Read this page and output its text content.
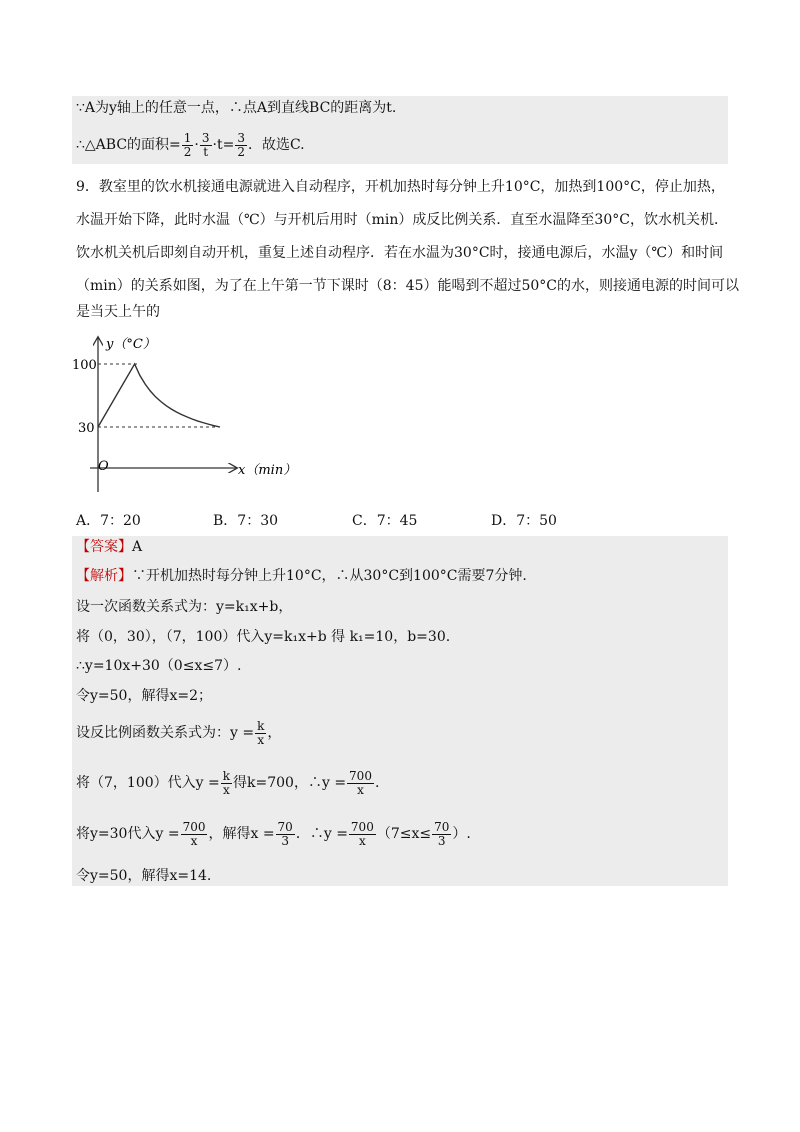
∵A为y轴上的任意一点，∴点A到直线BC的距离为t.
∴△ABC的面积= $\frac{1}{2} \cdot \frac{3}{t} \cdot t= \frac{3}{2}$ ．故选C.
9．教室里的饮水机接通电源就进入自动程序，开机加热时每分钟上升10°C，加热到100°C，停止加热，
水温开始下降，此时水温（℃）与开机后用时（min）成反比例关系．直至水温降至30°C，饮水机关机．
饮水机关机后即刻自动开机，重复上述自动程序．若在水温为30°C时，接通电源后，水温y（℃）和时间
（min）的关系如图，为了在上午第一节下课时（8：45）能喝到不超过50°C的水，则接通电源的时间可以
是当天上午的
y（°C）
x（min）
O
100
30
A．7：20	B．7：30	C．7：45	D．7：50
【答案】A
【解析】∵开机加热时每分钟上升10°C，∴从30°C到100°C需要7分钟.
设一次函数关系式为：y=k₁x+b，
将（0，30），（7，100）代入y=k₁x+b 得 k₁=10，b=30.
∴y=10x+30（0≤x≤7）.
令y=50，解得x=2；
设反比例函数关系式为：$y = \frac{k}{x}$ ，
将（7，100）代入$y = \frac{k}{x}$ 得k=700，∴y = $\frac{700}{x}$ .
将y=30代入$y = \frac{700}{x}$ ，解得$x = \frac{70}{3}$ ．∴y = $\frac{700}{x} (7\le x\le \frac{70}{3}$ ）.
令y=50，解得x=14.
